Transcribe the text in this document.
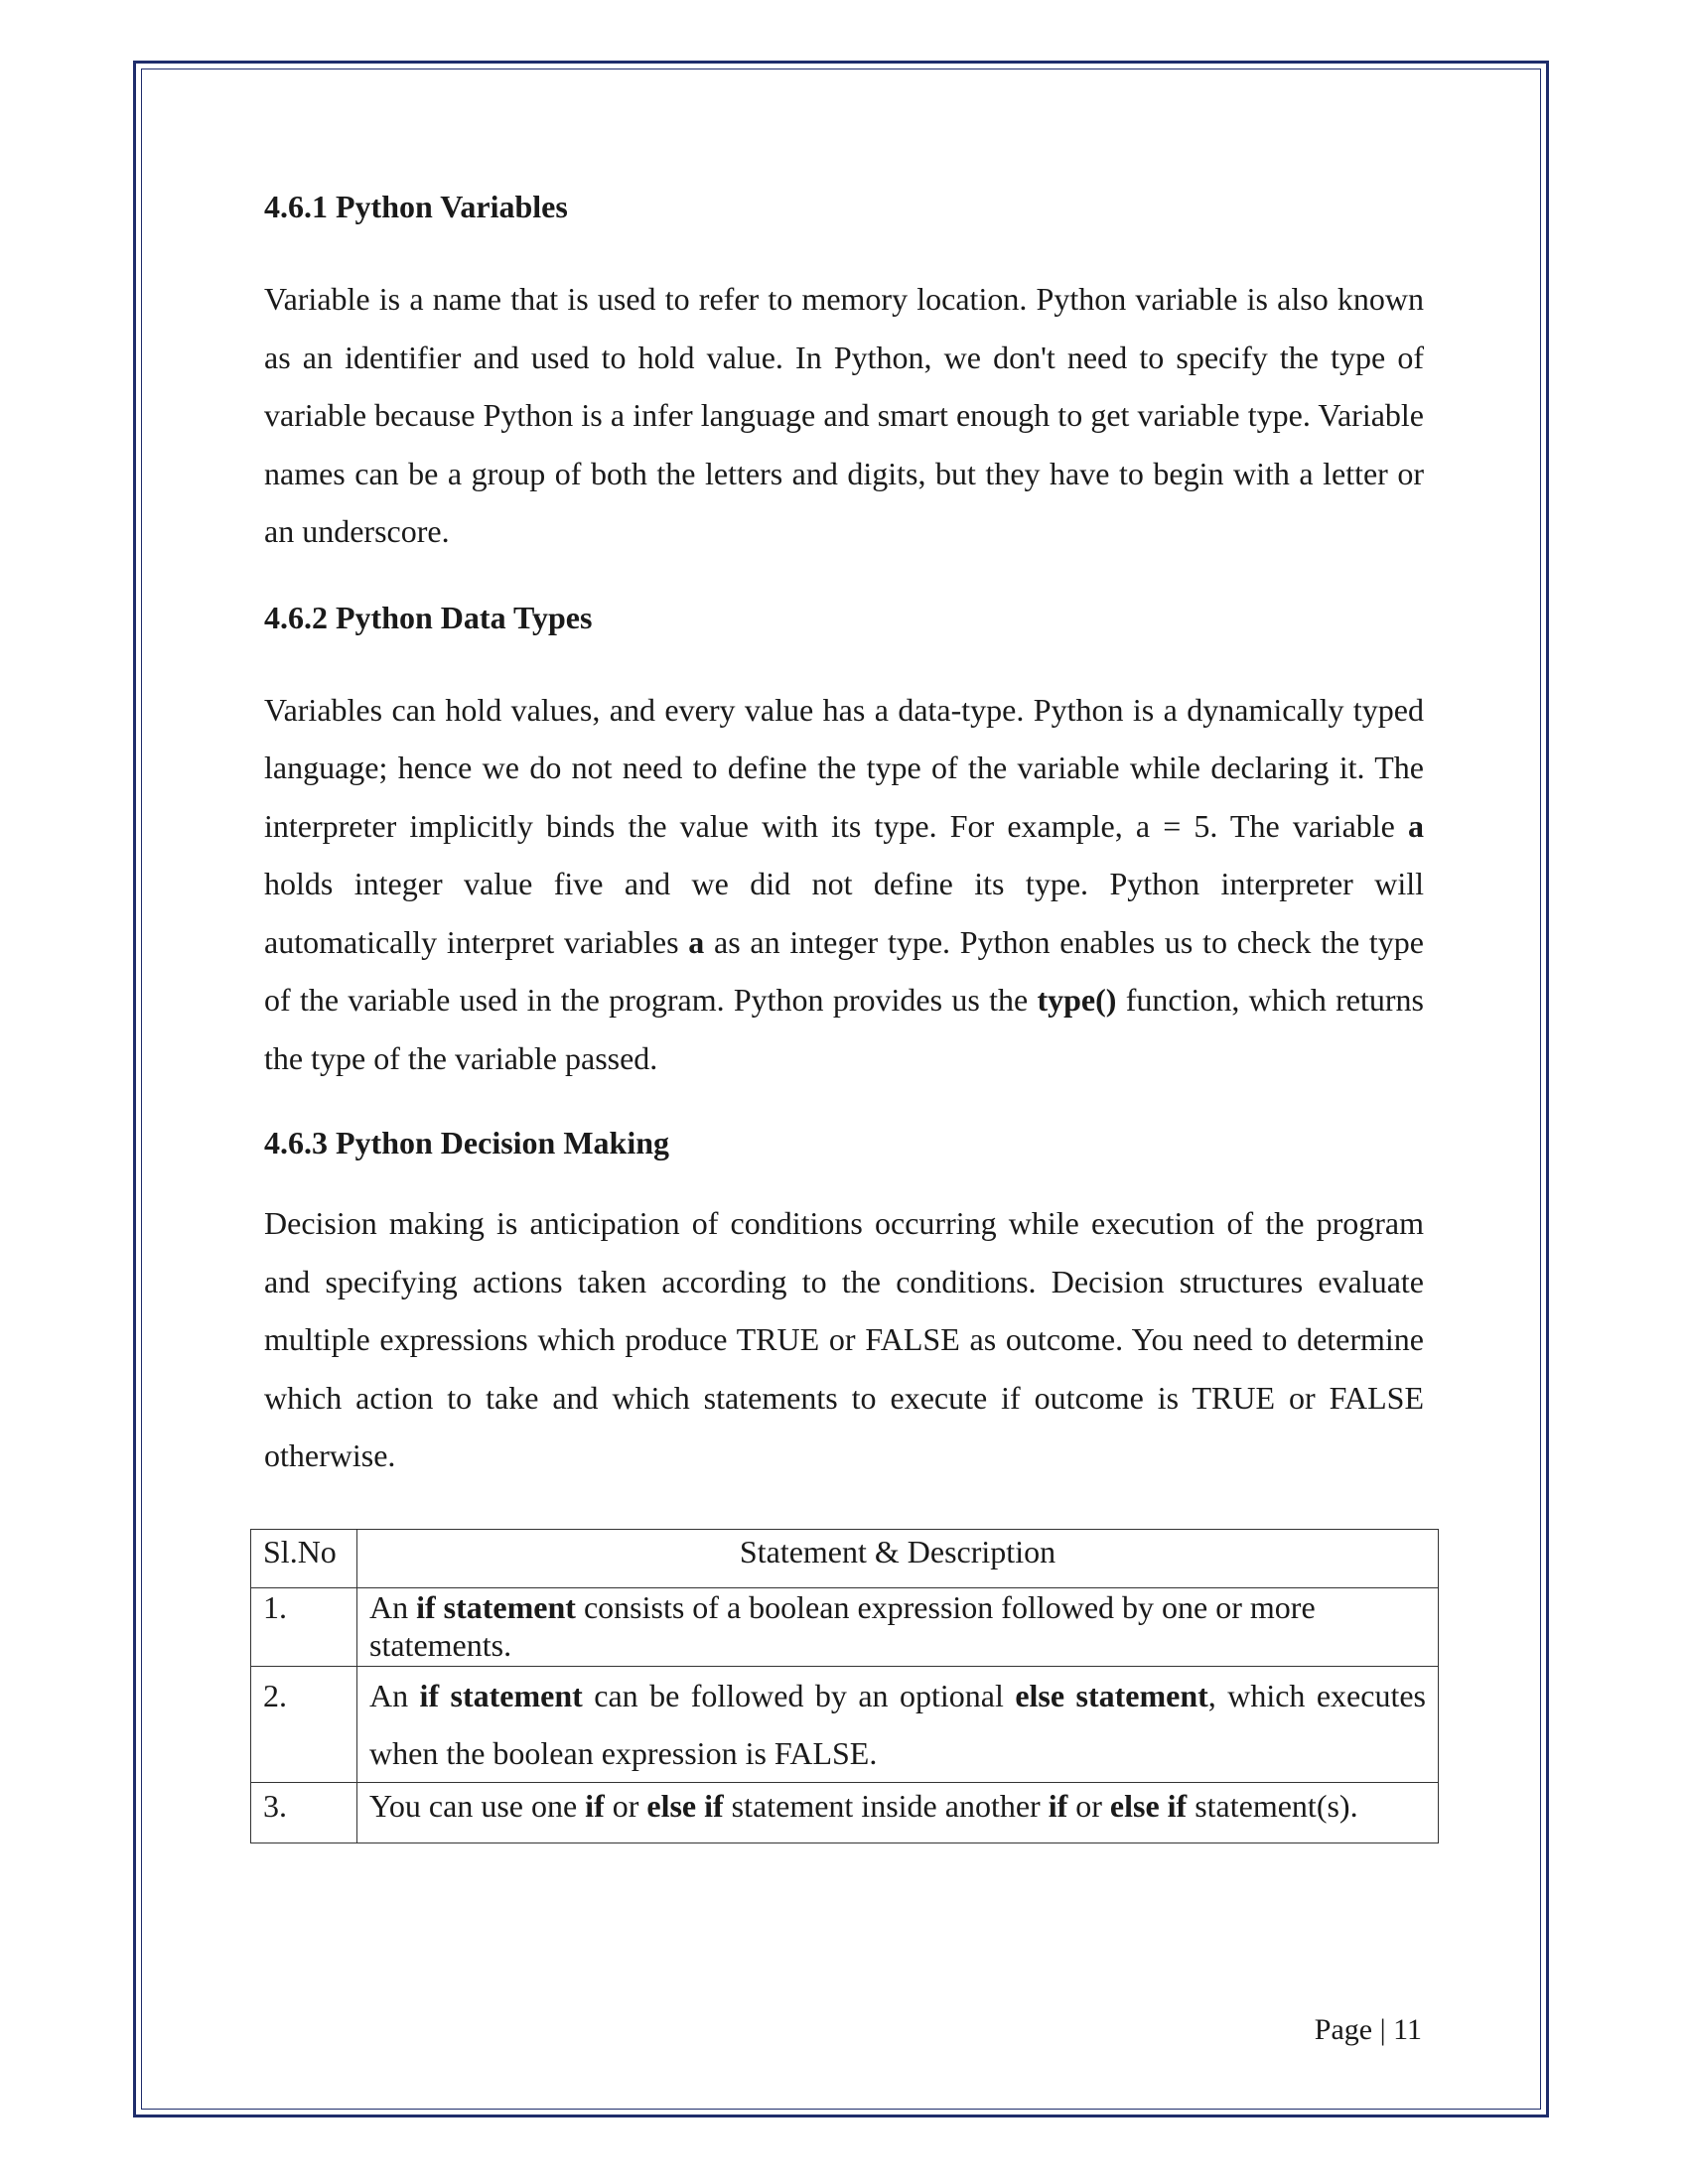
4.6.1 Python Variables

Variable is a name that is used to refer to memory location. Python variable is also known as an identifier and used to hold value. In Python, we don't need to specify the type of variable because Python is a infer language and smart enough to get variable type. Variable names can be a group of both the letters and digits, but they have to begin with a letter or an underscore.

4.6.2 Python Data Types

Variables can hold values, and every value has a data-type. Python is a dynamically typed language; hence we do not need to define the type of the variable while declaring it. The interpreter implicitly binds the value with its type. For example, a = 5. The variable a holds integer value five and we did not define its type. Python interpreter will automatically interpret variables a as an integer type. Python enables us to check the type of the variable used in the program. Python provides us the type() function, which returns the type of the variable passed.

4.6.3 Python Decision Making

Decision making is anticipation of conditions occurring while execution of the program and specifying actions taken according to the conditions. Decision structures evaluate multiple expressions which produce TRUE or FALSE as outcome. You need to determine which action to take and which statements to execute if outcome is TRUE or FALSE otherwise.

Sl.No	Statement & Description
1.	An if statement consists of a boolean expression followed by one or more statements.
2.	An if statement can be followed by an optional else statement, which executes when the boolean expression is FALSE.
3.	You can use one if or else if statement inside another if or else if statement(s).
Page | 11
